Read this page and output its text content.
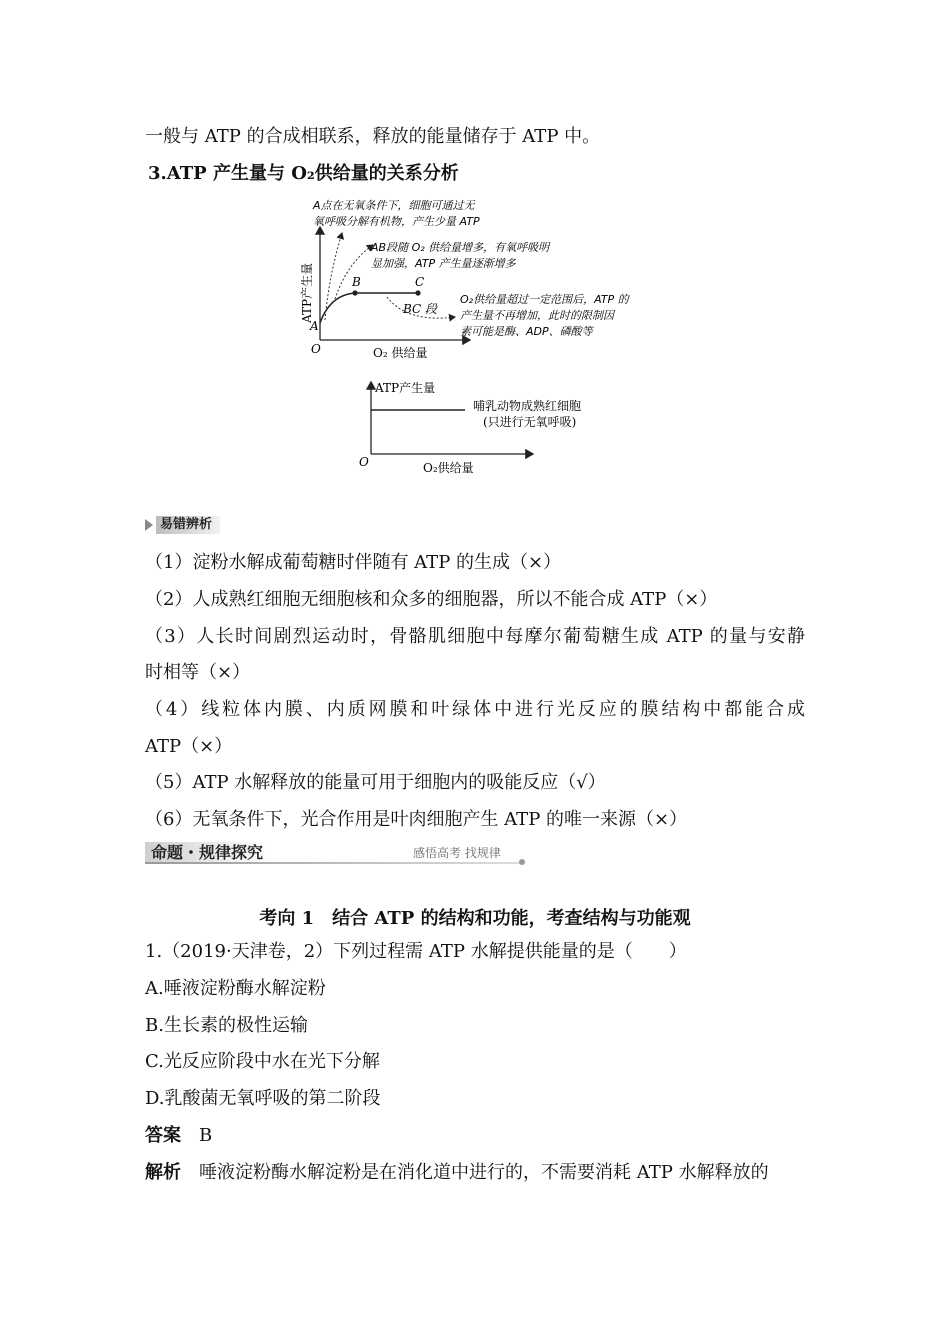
一般与 ATP 的合成相联系，释放的能量储存于 ATP 中。
3.ATP 产生量与 O₂供给量的关系分析
A点在无氧条件下，细胞可通过无
氧呼吸分解有机物，产生少量 ATP
AB段随 O₂ 供给量增多，有氧呼吸明
显加强，ATP 产生量逐渐增多
O₂供给量超过一定范围后，ATP 的
产生量不再增加，此时的限制因
素可能是酶、ADP、磷酸等
ATP产生量
O₂ 供给量
O
A
B	C
BC 段
ATP产生量
O₂供给量
O
哺乳动物成熟红细胞
(只进行无氧呼吸)
易错辨析
（1）淀粉水解成葡萄糖时伴随有 ATP 的生成（×）
（2）人成熟红细胞无细胞核和众多的细胞器，所以不能合成 ATP（×）
（3）人长时间剧烈运动时，骨骼肌细胞中每摩尔葡萄糖生成 ATP 的量与安静
时相等（×）
（4）线粒体内膜、内质网膜和叶绿体中进行光反应的膜结构中都能合成
ATP（×）
（5）ATP 水解释放的能量可用于细胞内的吸能反应（√）
（6）无氧条件下，光合作用是叶肉细胞产生 ATP 的唯一来源（×）
命题・规律探究	感悟高考 找规律
考向 1　结合 ATP 的结构和功能，考查结构与功能观
1.（2019·天津卷，2）下列过程需 ATP 水解提供能量的是（　　）
A.唾液淀粉酶水解淀粉
B.生长素的极性运输
C.光反应阶段中水在光下分解
D.乳酸菌无氧呼吸的第二阶段
答案　 B
解析　 唾液淀粉酶水解淀粉是在消化道中进行的，不需要消耗 ATP 水解释放的
